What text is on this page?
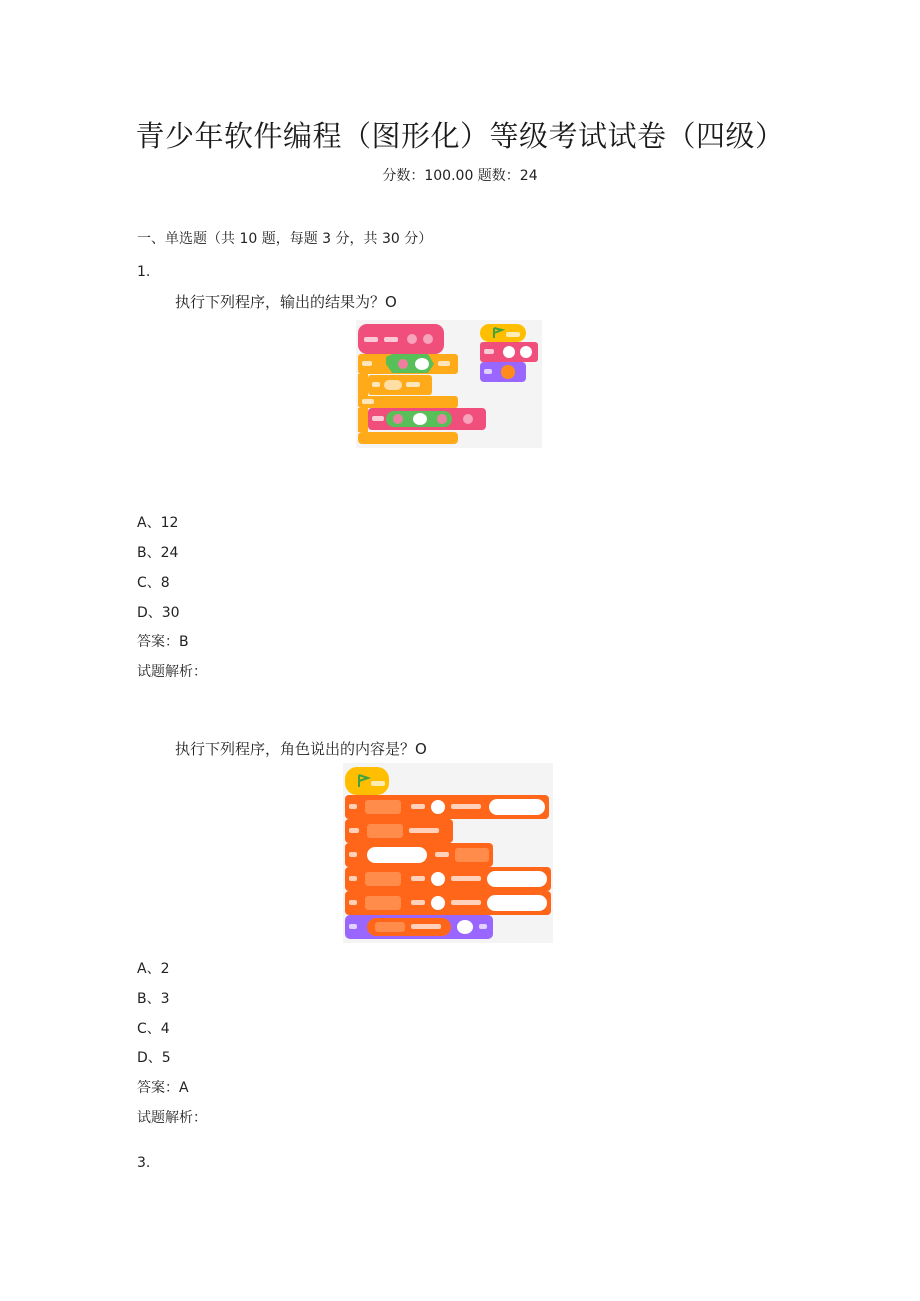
青少年软件编程（图形化）等级考试试卷（四级）
分数：100.00 题数：24
一、单选题（共 10 题，每题 3 分，共 30 分）
1.
执行下列程序，输出的结果为？O
A、12
B、24
C、8
D、30
答案：B
试题解析：
执行下列程序，角色说出的内容是？O
A、2
B、3
C、4
D、5
答案：A
试题解析：
3.
